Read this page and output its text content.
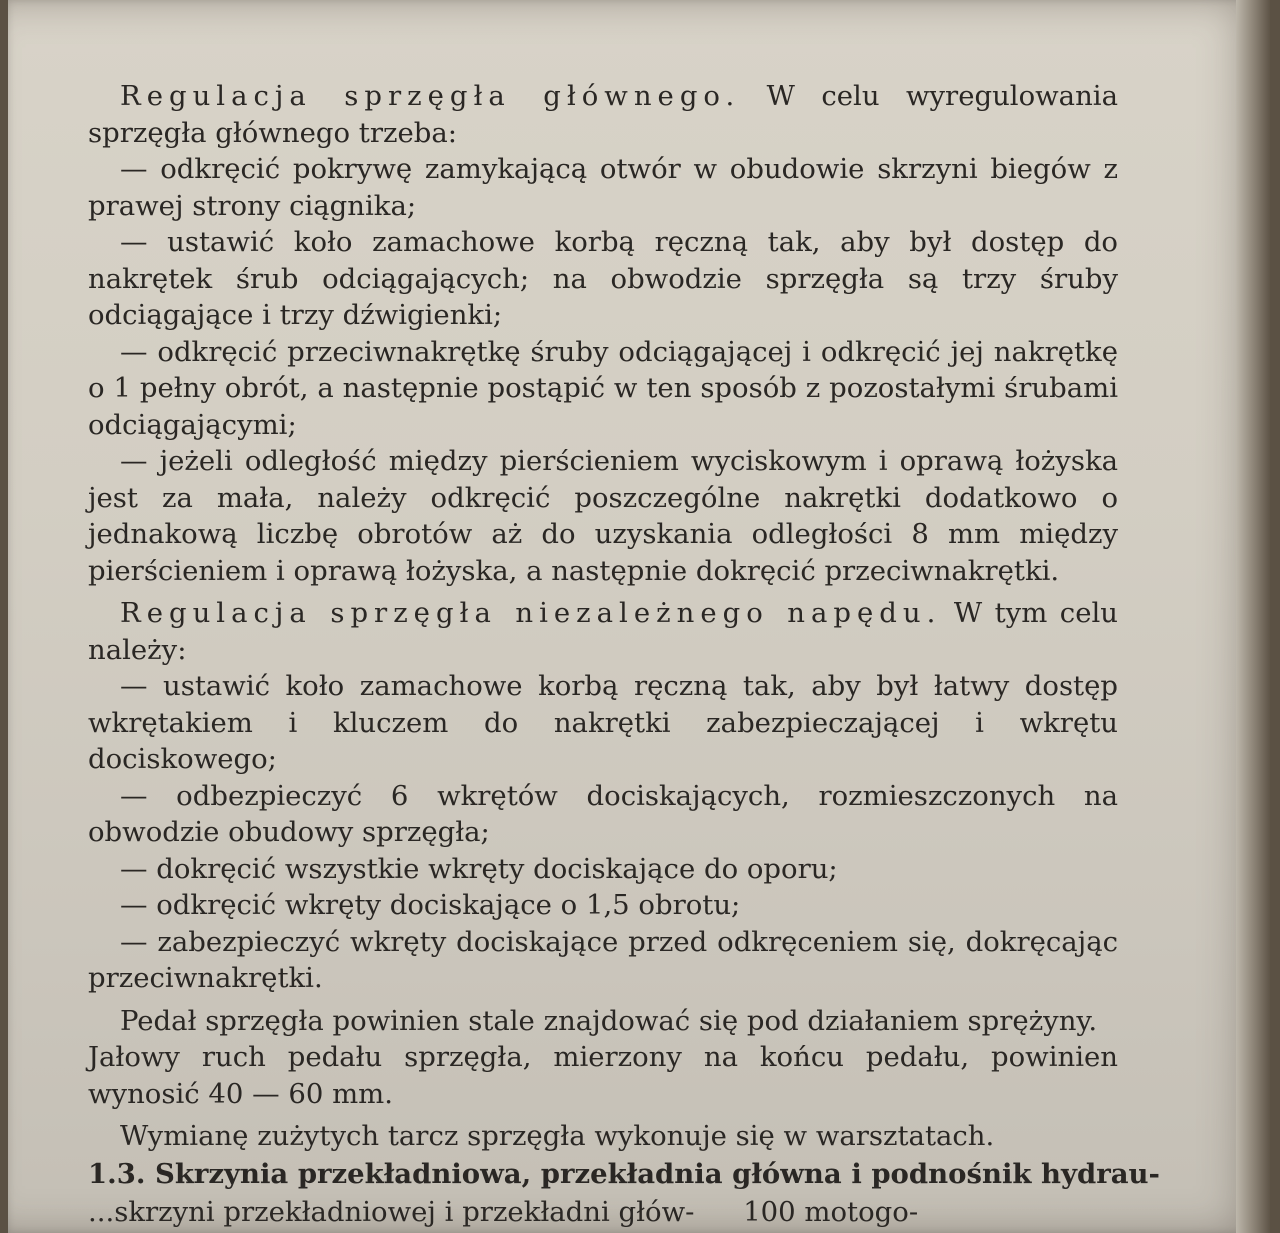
Regulacja sprzęgła głównego. W celu wyregulowania sprzęgła głównego trzeba:

— odkręcić pokrywę zamykającą otwór w obudowie skrzyni biegów z prawej strony ciągnika;

— ustawić koło zamachowe korbą ręczną tak, aby był dostęp do nakrętek śrub odciągających; na obwodzie sprzęgła są trzy śruby odciągające i trzy dźwigienki;

— odkręcić przeciwnakrętkę śruby odciągającej i odkręcić jej nakrętkę o 1 pełny obrót, a następnie postąpić w ten sposób z pozostałymi śrubami odciągającymi;

— jeżeli odległość między pierścieniem wyciskowym i oprawą łożyska jest za mała, należy odkręcić poszczególne nakrętki dodatkowo o jednakową liczbę obrotów aż do uzyskania odległości 8 mm między pierścieniem i oprawą łożyska, a następnie dokręcić przeciwnakrętki.

Regulacja sprzęgła niezależnego napędu. W tym celu należy:

— ustawić koło zamachowe korbą ręczną tak, aby był łatwy dostęp wkrętakiem i kluczem do nakrętki zabezpieczającej i wkrętu dociskowego;

— odbezpieczyć 6 wkrętów dociskających, rozmieszczonych na obwodzie obudowy sprzęgła;

— dokręcić wszystkie wkręty dociskające do oporu;

— odkręcić wkręty dociskające o 1,5 obrotu;

— zabezpieczyć wkręty dociskające przed odkręceniem się, dokręcając przeciwnakrętki.

Pedał sprzęgła powinien stale znajdować się pod działaniem sprężyny.

Jałowy ruch pedału sprzęgła, mierzony na końcu pedału, powinien wynosić 40 — 60 mm.

Wymianę zużytych tarcz sprzęgła wykonuje się w warsztatach.

1.3. Skrzynia przekładniowa, przekładnia główna i podnośnik hydrau-
...skrzyni przekładniowej i przekładni głów- 100 motogo-
